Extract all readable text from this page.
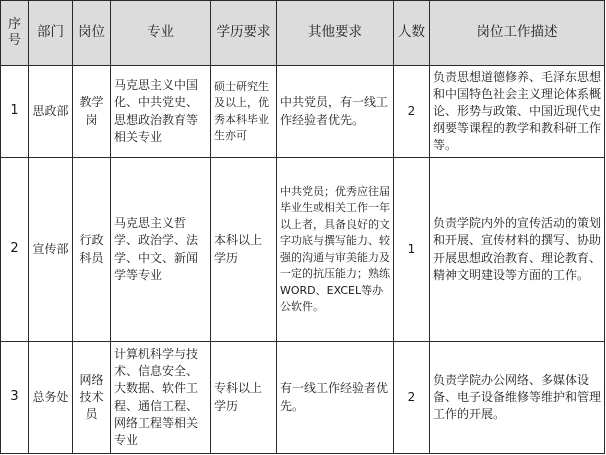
序号	部门	岗位	专业	学历要求	其他要求	人数	岗位工作描述
1	思政部	教学岗	马克思主义中国化、中共党史、思想政治教育等相关专业	硕士研究生及以上，优秀本科毕业生亦可	中共党员，有一线工作经验者优先。	2	负责思想道德修养、毛泽东思想和中国特色社会主义理论体系概论、形势与政策、中国近现代史纲要等课程的教学和教科研工作等。
2	宣传部	行政科员	马克思主义哲学、政治学、法学、中文、新闻学等专业	本科以上学历	中共党员；优秀应往届毕业生或相关工作一年以上者，具备良好的文字功底与撰写能力、较强的沟通与审美能力及一定的抗压能力；熟练WORD、EXCEL等办公软件。	1	负责学院内外的宣传活动的策划和开展、宣传材料的撰写、协助开展思想政治教育、理论教育、精神文明建设等方面的工作。
3	总务处	网络技术员	计算机科学与技术、信息安全、大数据、软件工程、通信工程、网络工程等相关专业	专科以上学历	有一线工作经验者优先。	2	负责学院办公网络、多媒体设备、电子设备维修等维护和管理工作的开展。
